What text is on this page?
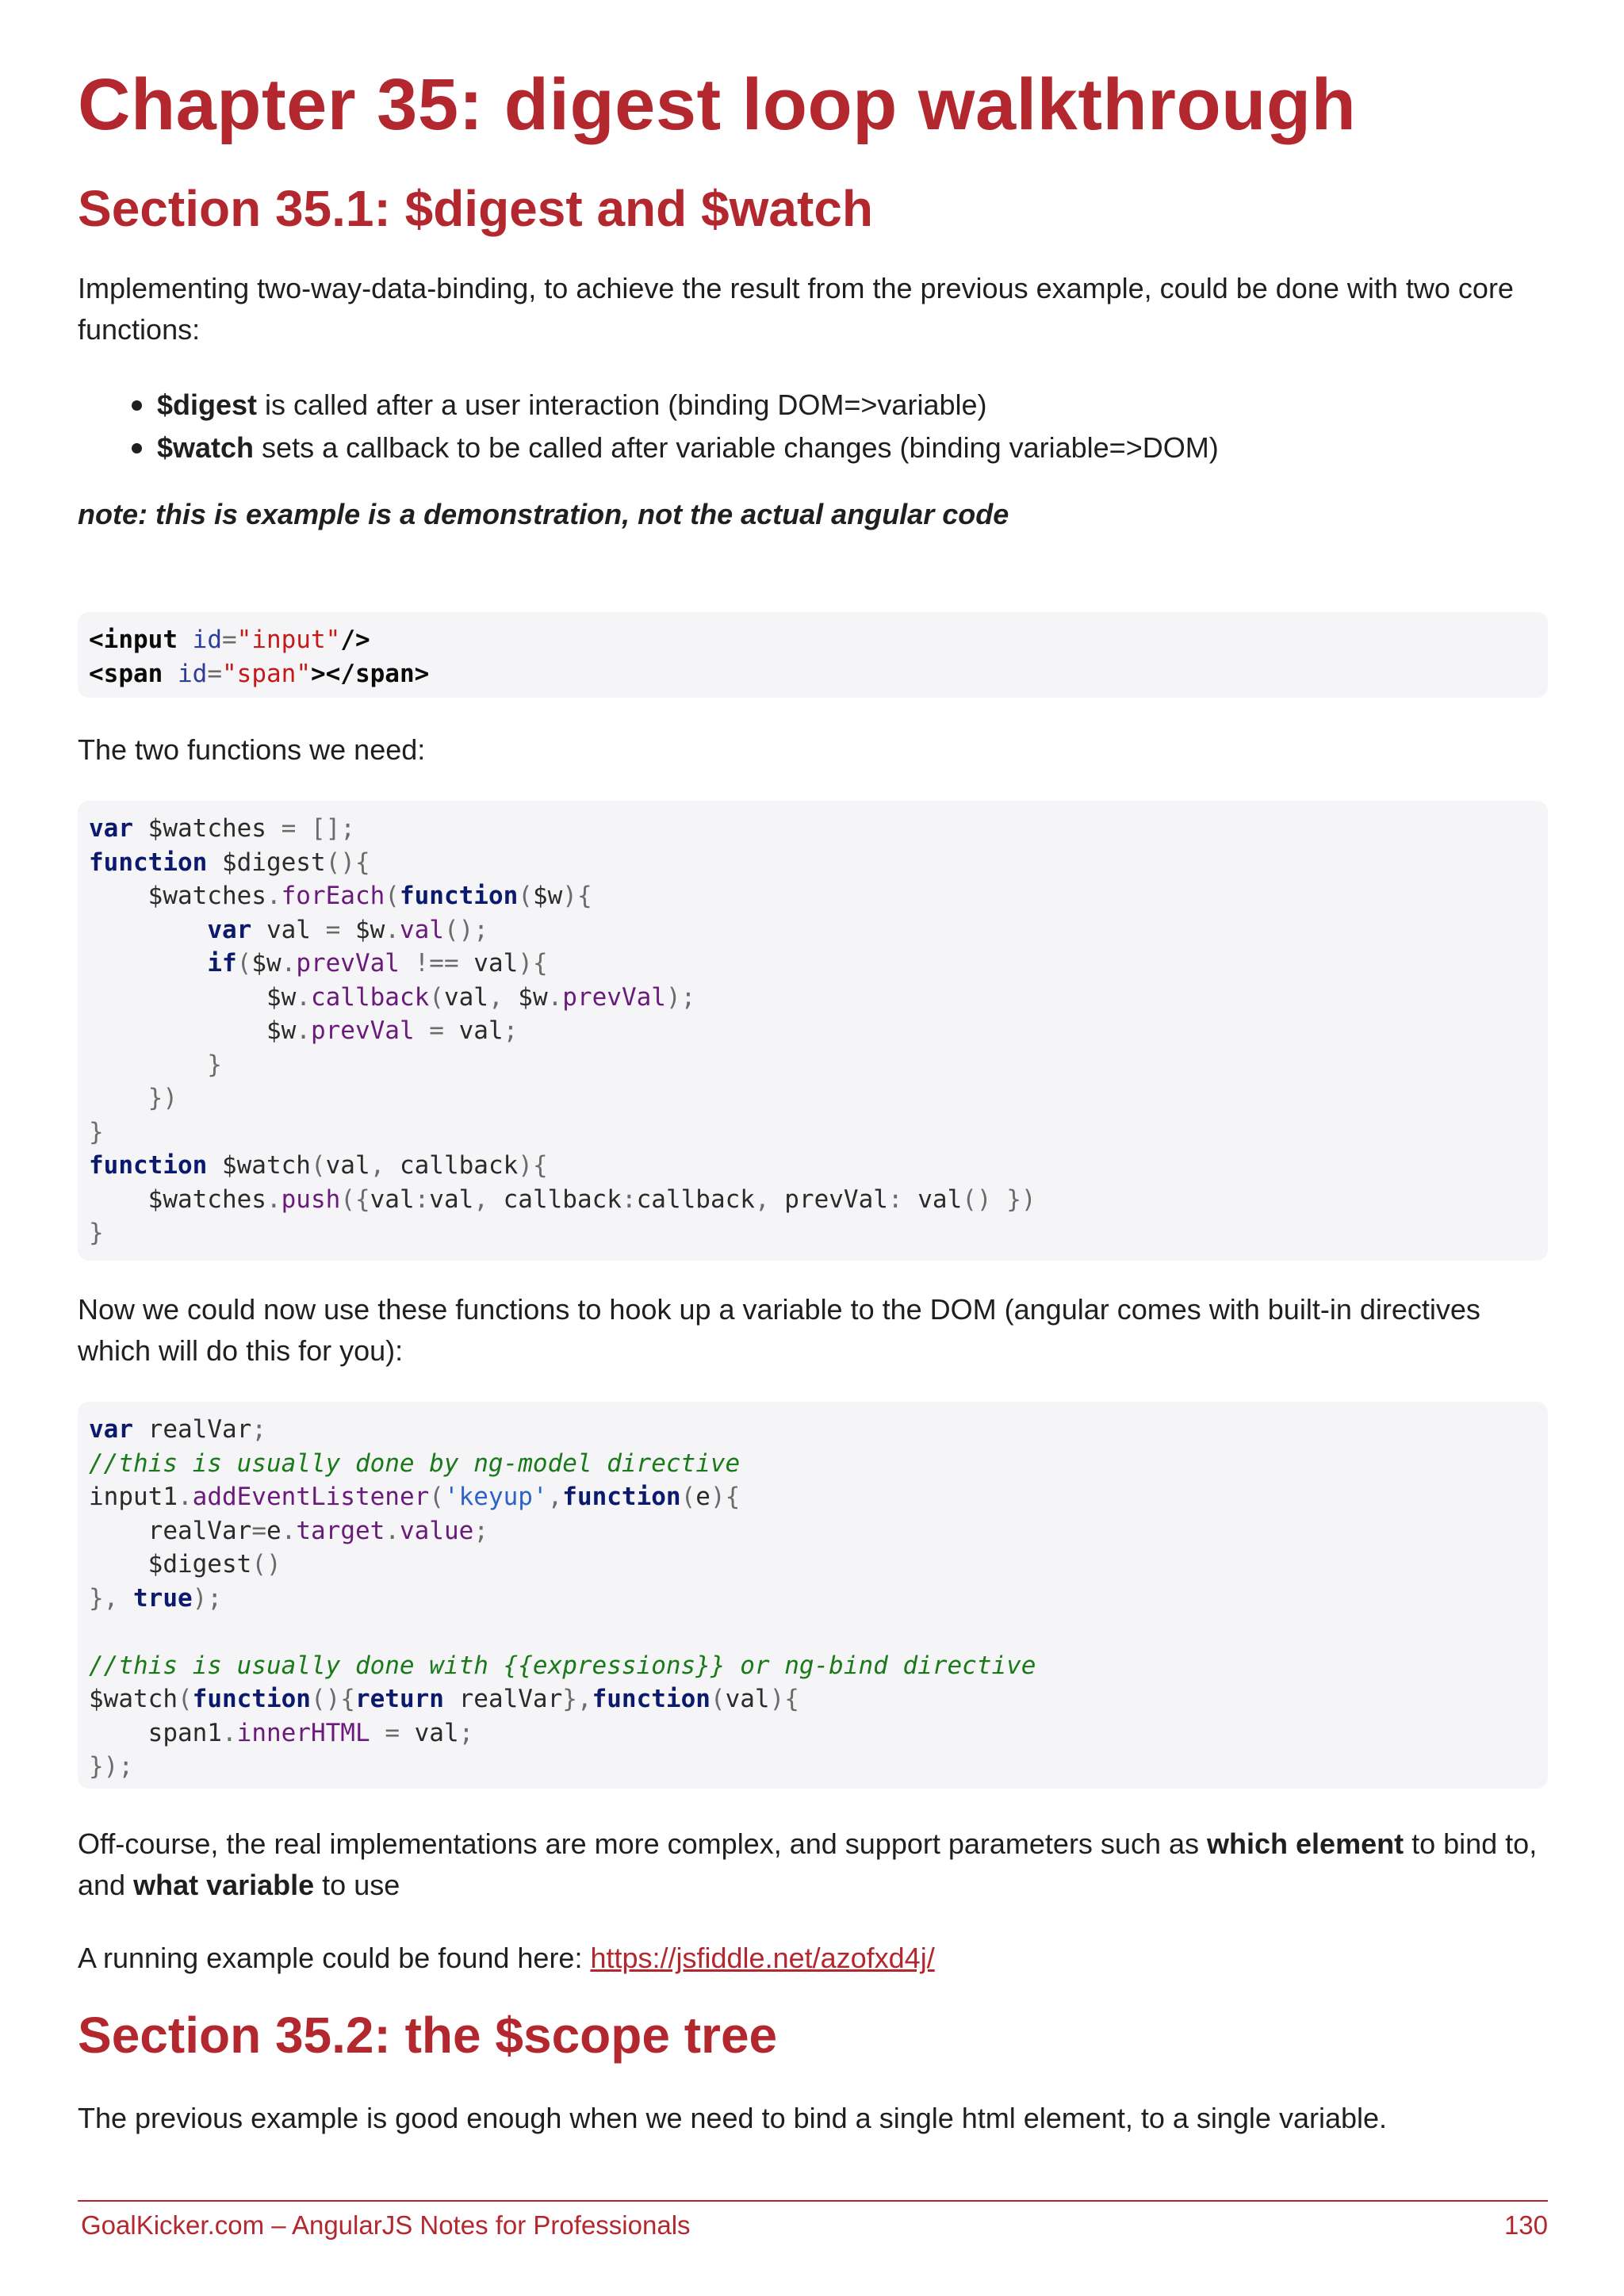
Chapter 35: digest loop walkthrough
Section 35.1: $digest and $watch

Implementing two-way-data-binding, to achieve the result from the previous example, could be done with two core functions:

$digest is called after a user interaction (binding DOM=>variable)
$watch sets a callback to be called after variable changes (binding variable=>DOM)

note: this is example is a demonstration, not the actual angular code

<input id="input"/>
<span id="span"></span>

The two functions we need:

var $watches = [];
function $digest(){
$watches.forEach(function($w){
var val = $w.val();
if($w.prevVal !== val){
$w.callback(val, $w.prevVal);
$w.prevVal = val;
}
})
}
function $watch(val, callback){
$watches.push({val:val, callback:callback, prevVal: val() })
}

Now we could now use these functions to hook up a variable to the DOM (angular comes with built-in directives which will do this for you):

var realVar;
//this is usually done by ng-model directive
input1.addEventListener('keyup',function(e){
realVar=e.target.value;
$digest()
}, true);

//this is usually done with {{expressions}} or ng-bind directive
$watch(function(){return realVar},function(val){
span1.innerHTML = val;
});

Off-course, the real implementations are more complex, and support parameters such as which element to bind to, and what variable to use

A running example could be found here: https://jsfiddle.net/azofxd4j/

Section 35.2: the $scope tree

The previous example is good enough when we need to bind a single html element, to a single variable.

GoalKicker.com – AngularJS Notes for Professionals	130
